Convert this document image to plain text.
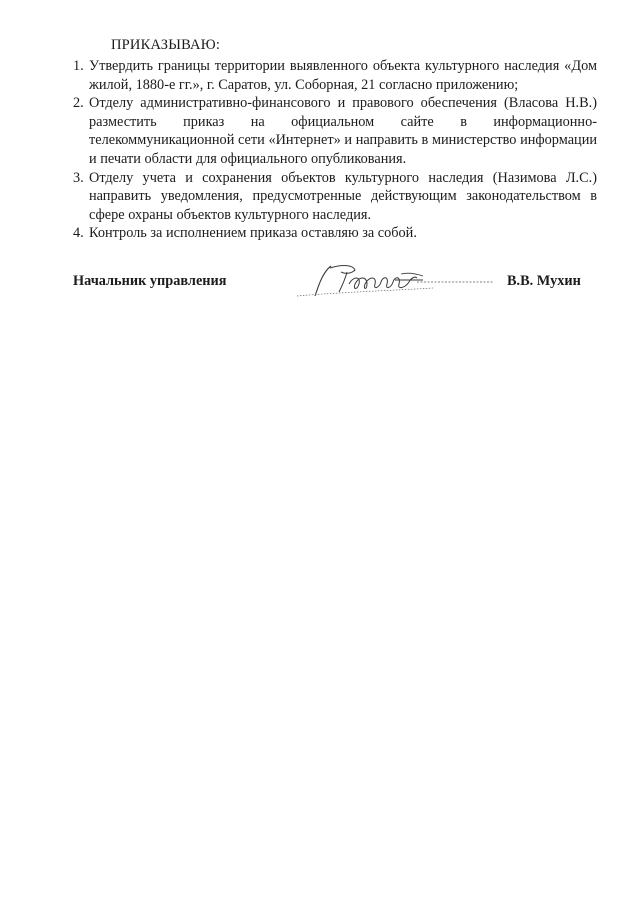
ПРИКАЗЫВАЮ:
1. Утвердить границы территории выявленного объекта культурного наследия «Дом жилой, 1880-е гг.», г. Саратов, ул. Соборная, 21 согласно приложению;
2. Отделу административно-финансового и правового обеспечения (Власова Н.В.) разместить приказ на официальном сайте в информационно-телекоммуникационной сети «Интернет» и направить в министерство информации и печати области для официального опубликования.
3. Отделу учета и сохранения объектов культурного наследия (Назимова Л.С.) направить уведомления, предусмотренные действующим законодательством в сфере охраны объектов культурного наследия.
4. Контроль за исполнением приказа оставляю за собой.
Начальник управления	В.В. Мухин
